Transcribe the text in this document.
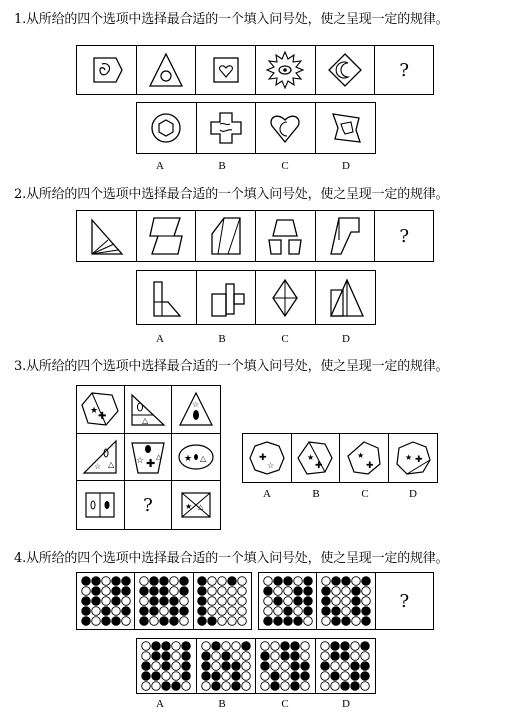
1.从所给的四个选项中选择最合适的一个填入问号处，使之呈现一定的规律。
?
A	B	C	D
2.从所给的四个选项中选择最合适的一个填入问号处，使之呈现一定的规律。
?
A	B	C	D
3.从所给的四个选项中选择最合适的一个填入问号处，使之呈现一定的规律。
★ ✚	△
☆
☆ △ ☆ ✚ △	★ △
?	★ △
✚
☆
★
✚
★
✚
★ ✚
A	B	C	D
4.从所给的四个选项中选择最合适的一个填入问号处，使之呈现一定的规律。
?
A	B	C	D
